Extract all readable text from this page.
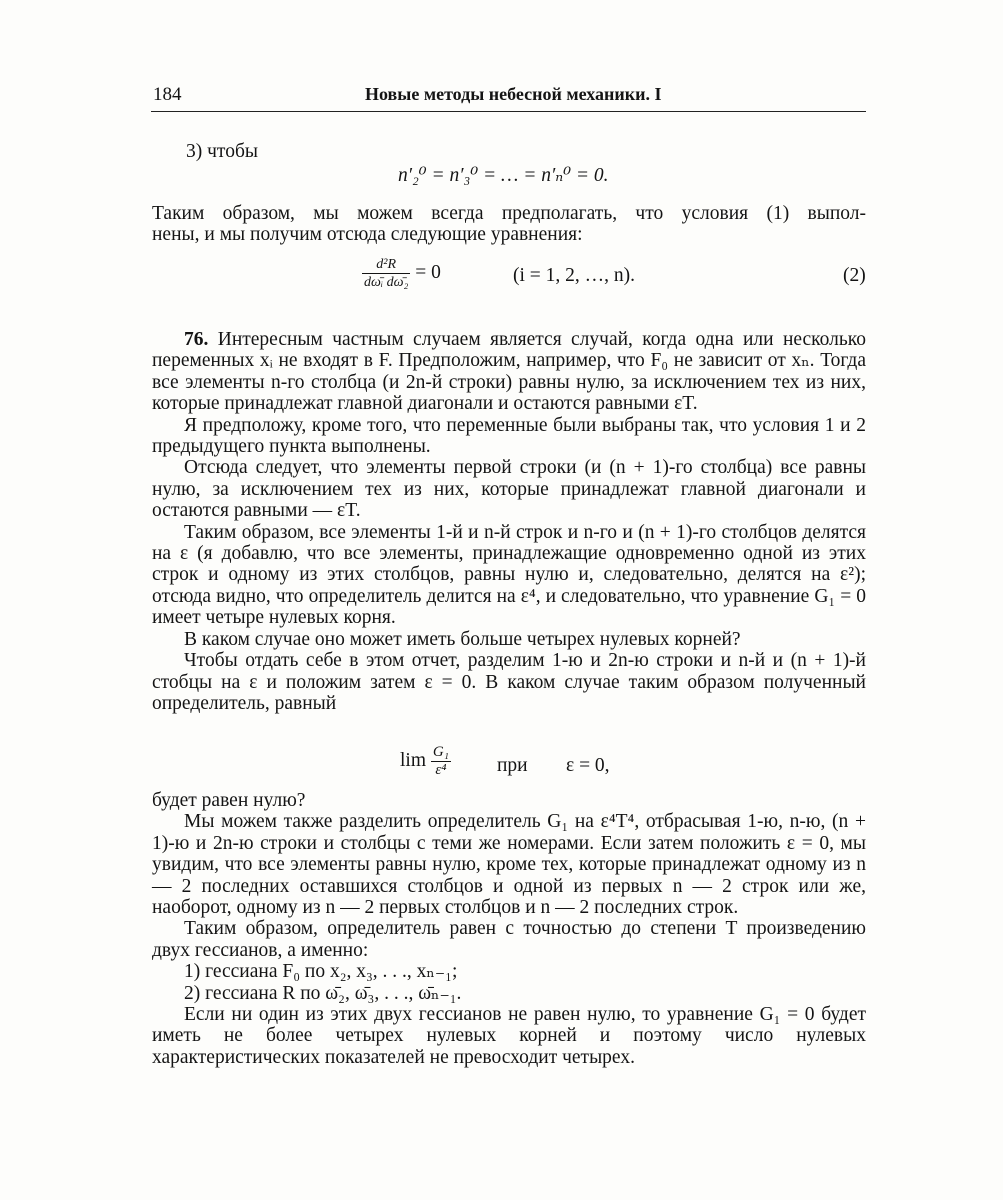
184	Новые методы небесной механики. I
3) чтобы
n′₂⁰ = n′₃⁰ = … = n′ₙ⁰ = 0.
Таким образом, мы можем всегда предполагать, что условия (1) выпол-
нены, и мы получим отсюда следующие уравнения:
$\frac{\text{d²R}}{\text{dω̄ᵢ dω̄₂}} = 0$	(i = 1, 2, …, n).	(2)

76. Интересным частным случаем является случай, когда одна или несколько переменных xᵢ не входят в F. Предположим, например, что F₀ не зависит от xₙ. Тогда все элементы n-го столбца (и 2n-й строки) равны нулю, за исключением тех из них, которые принадлежат главной диагонали и остаются равными εT.

Я предположу, кроме того, что переменные были выбраны так, что условия 1 и 2 предыдущего пункта выполнены.

Отсюда следует, что элементы первой строки (и (n + 1)-го столбца) все равны нулю, за исключением тех из них, которые принадлежат главной диагонали и остаются равными — εT.

Таким образом, все элементы 1-й и n-й строк и n-го и (n + 1)-го столбцов делятся на ε (я добавлю, что все элементы, принадлежащие одновременно одной из этих строк и одному из этих столбцов, равны нулю и, следовательно, делятся на ε²); отсюда видно, что определитель делится на ε⁴, и следовательно, что уравнение G₁ = 0 имеет четыре нулевых корня.

В каком случае оно может иметь больше четырех нулевых корней?

Чтобы отдать себе в этом отчет, разделим 1-ю и 2n-ю строки и n-й и (n + 1)-й стобцы на ε и положим затем ε = 0. В каком случае таким образом полученный определитель, равный

$\lim \frac{\text{G₁}}{\text{ε⁴}}$ при ε = 0,

будет равен нулю?

Мы можем также разделить определитель G₁ на ε⁴T⁴, отбрасывая 1-ю, n-ю, (n + 1)-ю и 2n-ю строки и столбцы с теми же номерами. Если затем положить ε = 0, мы увидим, что все элементы равны нулю, кроме тех, которые принадлежат одному из n — 2 последних оставшихся столбцов и одной из первых n — 2 строк или же, наоборот, одному из n — 2 первых столбцов и n — 2 последних строк.

Таким образом, определитель равен с точностью до степени T произведению двух гессианов, а именно:

1) гессиана F₀ по x₂, x₃, . . ., xₙ₋₁;

2) гессиана R по ω̄₂, ω̄₃, . . ., ω̄ₙ₋₁.

Если ни один из этих двух гессианов не равен нулю, то уравнение G₁ = 0 будет иметь не более четырех нулевых корней и поэтому число нулевых характеристических показателей не превосходит четырех.
